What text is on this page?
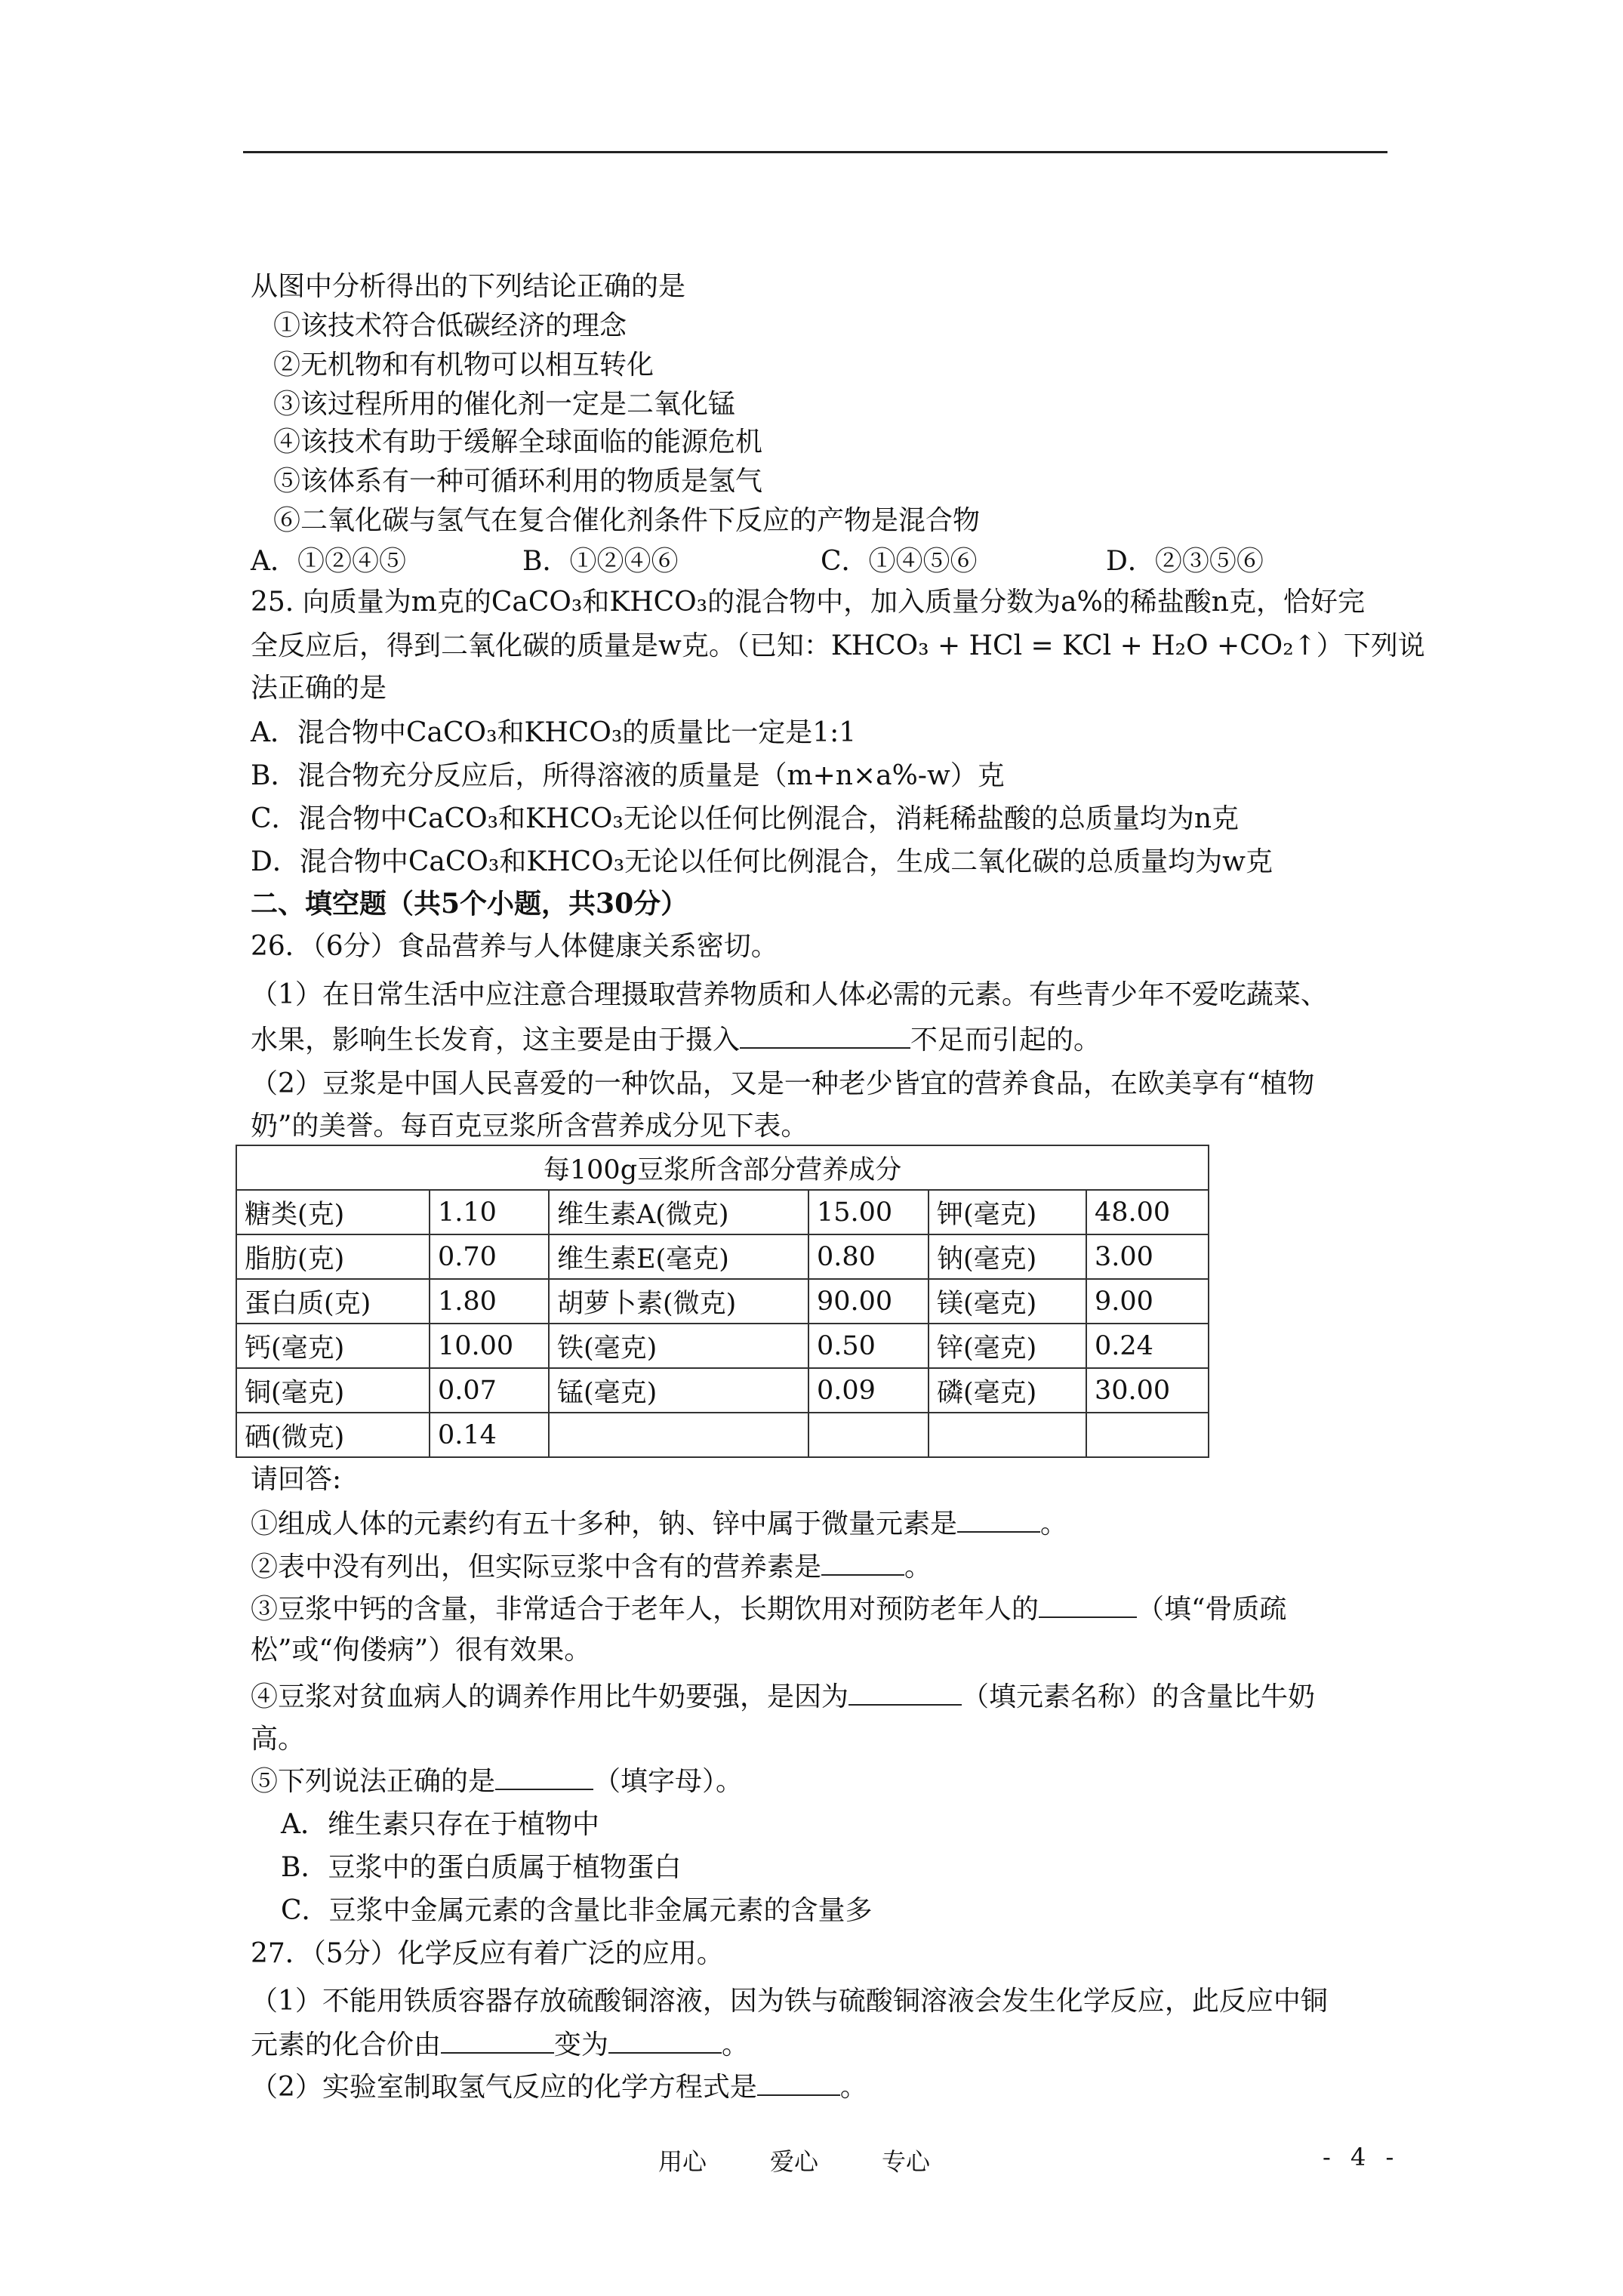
从图中分析得出的下列结论正确的是
①该技术符合低碳经济的理念
②无机物和有机物可以相互转化
③该过程所用的催化剂一定是二氧化锰
④该技术有助于缓解全球面临的能源危机
⑤该体系有一种可循环利用的物质是氢气
⑥二氧化碳与氢气在复合催化剂条件下反应的产物是混合物
A．①②④⑤	B．①②④⑥	C．①④⑤⑥	D．②③⑤⑥
25. 向质量为m克的CaCO₃和KHCO₃的混合物中，加入质量分数为a%的稀盐酸n克，恰好完
全反应后，得到二氧化碳的质量是w克。（已知：KHCO₃ + HCl = KCl + H₂O +CO₂↑）下列说
法正确的是
A．混合物中CaCO₃和KHCO₃的质量比一定是1:1
B．混合物充分反应后，所得溶液的质量是（m+n×a%-w）克
C．混合物中CaCO₃和KHCO₃无论以任何比例混合，消耗稀盐酸的总质量均为n克
D．混合物中CaCO₃和KHCO₃无论以任何比例混合，生成二氧化碳的总质量均为w克
二、填空题（共5个小题，共30分）
26．（6分）食品营养与人体健康关系密切。
（1）在日常生活中应注意合理摄取营养物质和人体必需的元素。有些青少年不爱吃蔬菜、
水果，影响生长发育，这主要是由于摄入	不足而引起的。
（2）豆浆是中国人民喜爱的一种饮品，又是一种老少皆宜的营养食品，在欧美享有“植物
奶”的美誉。每百克豆浆所含营养成分见下表。
每100g豆浆所含部分营养成分					
糖类(克)	1.10	维生素A(微克)	15.00	钾(毫克)	48.00
脂肪(克)	0.70	维生素E(毫克)	0.80	钠(毫克)	3.00
蛋白质(克)	1.80	胡萝卜素(微克)	90.00	镁(毫克)	9.00
钙(毫克)	10.00	铁(毫克)	0.50	锌(毫克)	0.24
铜(毫克)	0.07	锰(毫克)	0.09	磷(毫克)	30.00
硒(微克)	0.14				
请回答:
①组成人体的元素约有五十多种，钠、锌中属于微量元素是	。
②表中没有列出，但实际豆浆中含有的营养素是	。
③豆浆中钙的含量，非常适合于老年人，长期饮用对预防老年人的	（填“骨质疏
松”或“佝偻病”）很有效果。
④豆浆对贫血病人的调养作用比牛奶要强，是因为	（填元素名称）的含量比牛奶
高。
⑤下列说法正确的是	（填字母）。
A．维生素只存在于植物中
B．豆浆中的蛋白质属于植物蛋白
C．豆浆中金属元素的含量比非金属元素的含量多
27．（5分）化学反应有着广泛的应用。
（1）不能用铁质容器存放硫酸铜溶液，因为铁与硫酸铜溶液会发生化学反应，此反应中铜
元素的化合价由	变为	。
（2）实验室制取氢气反应的化学方程式是	。
用心	爱心	专心	- 4 -
